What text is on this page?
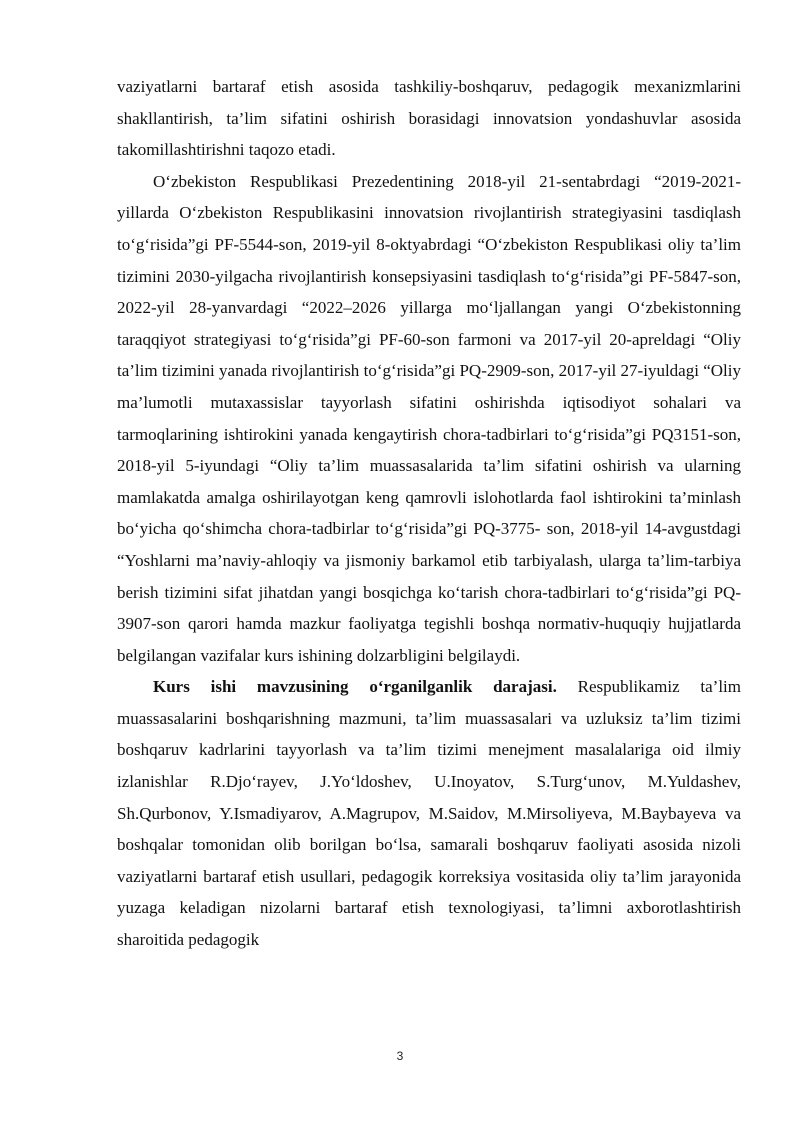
vaziyatlarni bartaraf etish asosida tashkiliy-boshqaruv, pedagogik mexanizmlarini shakllantirish, ta’lim sifatini oshirish borasidagi innovatsion yondashuvlar asosida takomillashtirishni taqozo etadi.

O‘zbekiston Respublikasi Prezedentining 2018-yil 21-sentabrdagi “2019-2021-yillarda O‘zbekiston Respublikasini innovatsion rivojlantirish strategiyasini tasdiqlash to‘g‘risida”gi PF-5544-son, 2019-yil 8-oktyabrdagi “O‘zbekiston Respublikasi oliy ta’lim tizimini 2030-yilgacha rivojlantirish konsepsiyasini tasdiqlash to‘g‘risida”gi PF-5847-son, 2022-yil 28-yanvardagi “2022–2026 yillarga mo‘ljallangan yangi O‘zbekistonning taraqqiyot strategiyasi to‘g‘risida”gi PF-60-son farmoni va 2017-yil 20-apreldagi “Oliy ta’lim tizimini yanada rivojlantirish to‘g‘risida”gi PQ-2909-son, 2017-yil 27-iyuldagi “Oliy ma’lumotli mutaxassislar tayyorlash sifatini oshirishda iqtisodiyot sohalari va tarmoqlarining ishtirokini yanada kengaytirish chora-tadbirlari to‘g‘risida”gi PQ3151-son, 2018-yil 5-iyundagi “Oliy ta’lim muassasalarida ta’lim sifatini oshirish va ularning mamlakatda amalga oshirilayotgan keng qamrovli islohotlarda faol ishtirokini ta’minlash bo‘yicha qo‘shimcha chora-tadbirlar to‘g‘risida”gi PQ-3775- son, 2018-yil 14-avgustdagi “Yoshlarni ma’naviy-ahloqiy va jismoniy barkamol etib tarbiyalash, ularga ta’lim-tarbiya berish tizimini sifat jihatdan yangi bosqichga ko‘tarish chora-tadbirlari to‘g‘risida”gi PQ-3907-son qarori hamda mazkur faoliyatga tegishli boshqa normativ-huquqiy hujjatlarda belgilangan vazifalar kurs ishining dolzarbligini belgilaydi.

Kurs ishi mavzusining o‘rganilganlik darajasi. Respublikamiz ta’lim muassasalarini boshqarishning mazmuni, ta’lim muassasalari va uzluksiz ta’lim tizimi boshqaruv kadrlarini tayyorlash va ta’lim tizimi menejment masalalariga oid ilmiy izlanishlar R.Djo‘rayev, J.Yo‘ldoshev, U.Inoyatov, S.Turg‘unov, M.Yuldashev, Sh.Qurbonov, Y.Ismadiyarov, A.Magrupov, M.Saidov, M.Mirsoliyeva, M.Baybayeva va boshqalar tomonidan olib borilgan bo‘lsa, samarali boshqaruv faoliyati asosida nizoli vaziyatlarni bartaraf etish usullari, pedagogik korreksiya vositasida oliy ta’lim jarayonida yuzaga keladigan nizolarni bartaraf etish texnologiyasi, ta’limni axborotlashtirish sharoitida pedagogik

3
